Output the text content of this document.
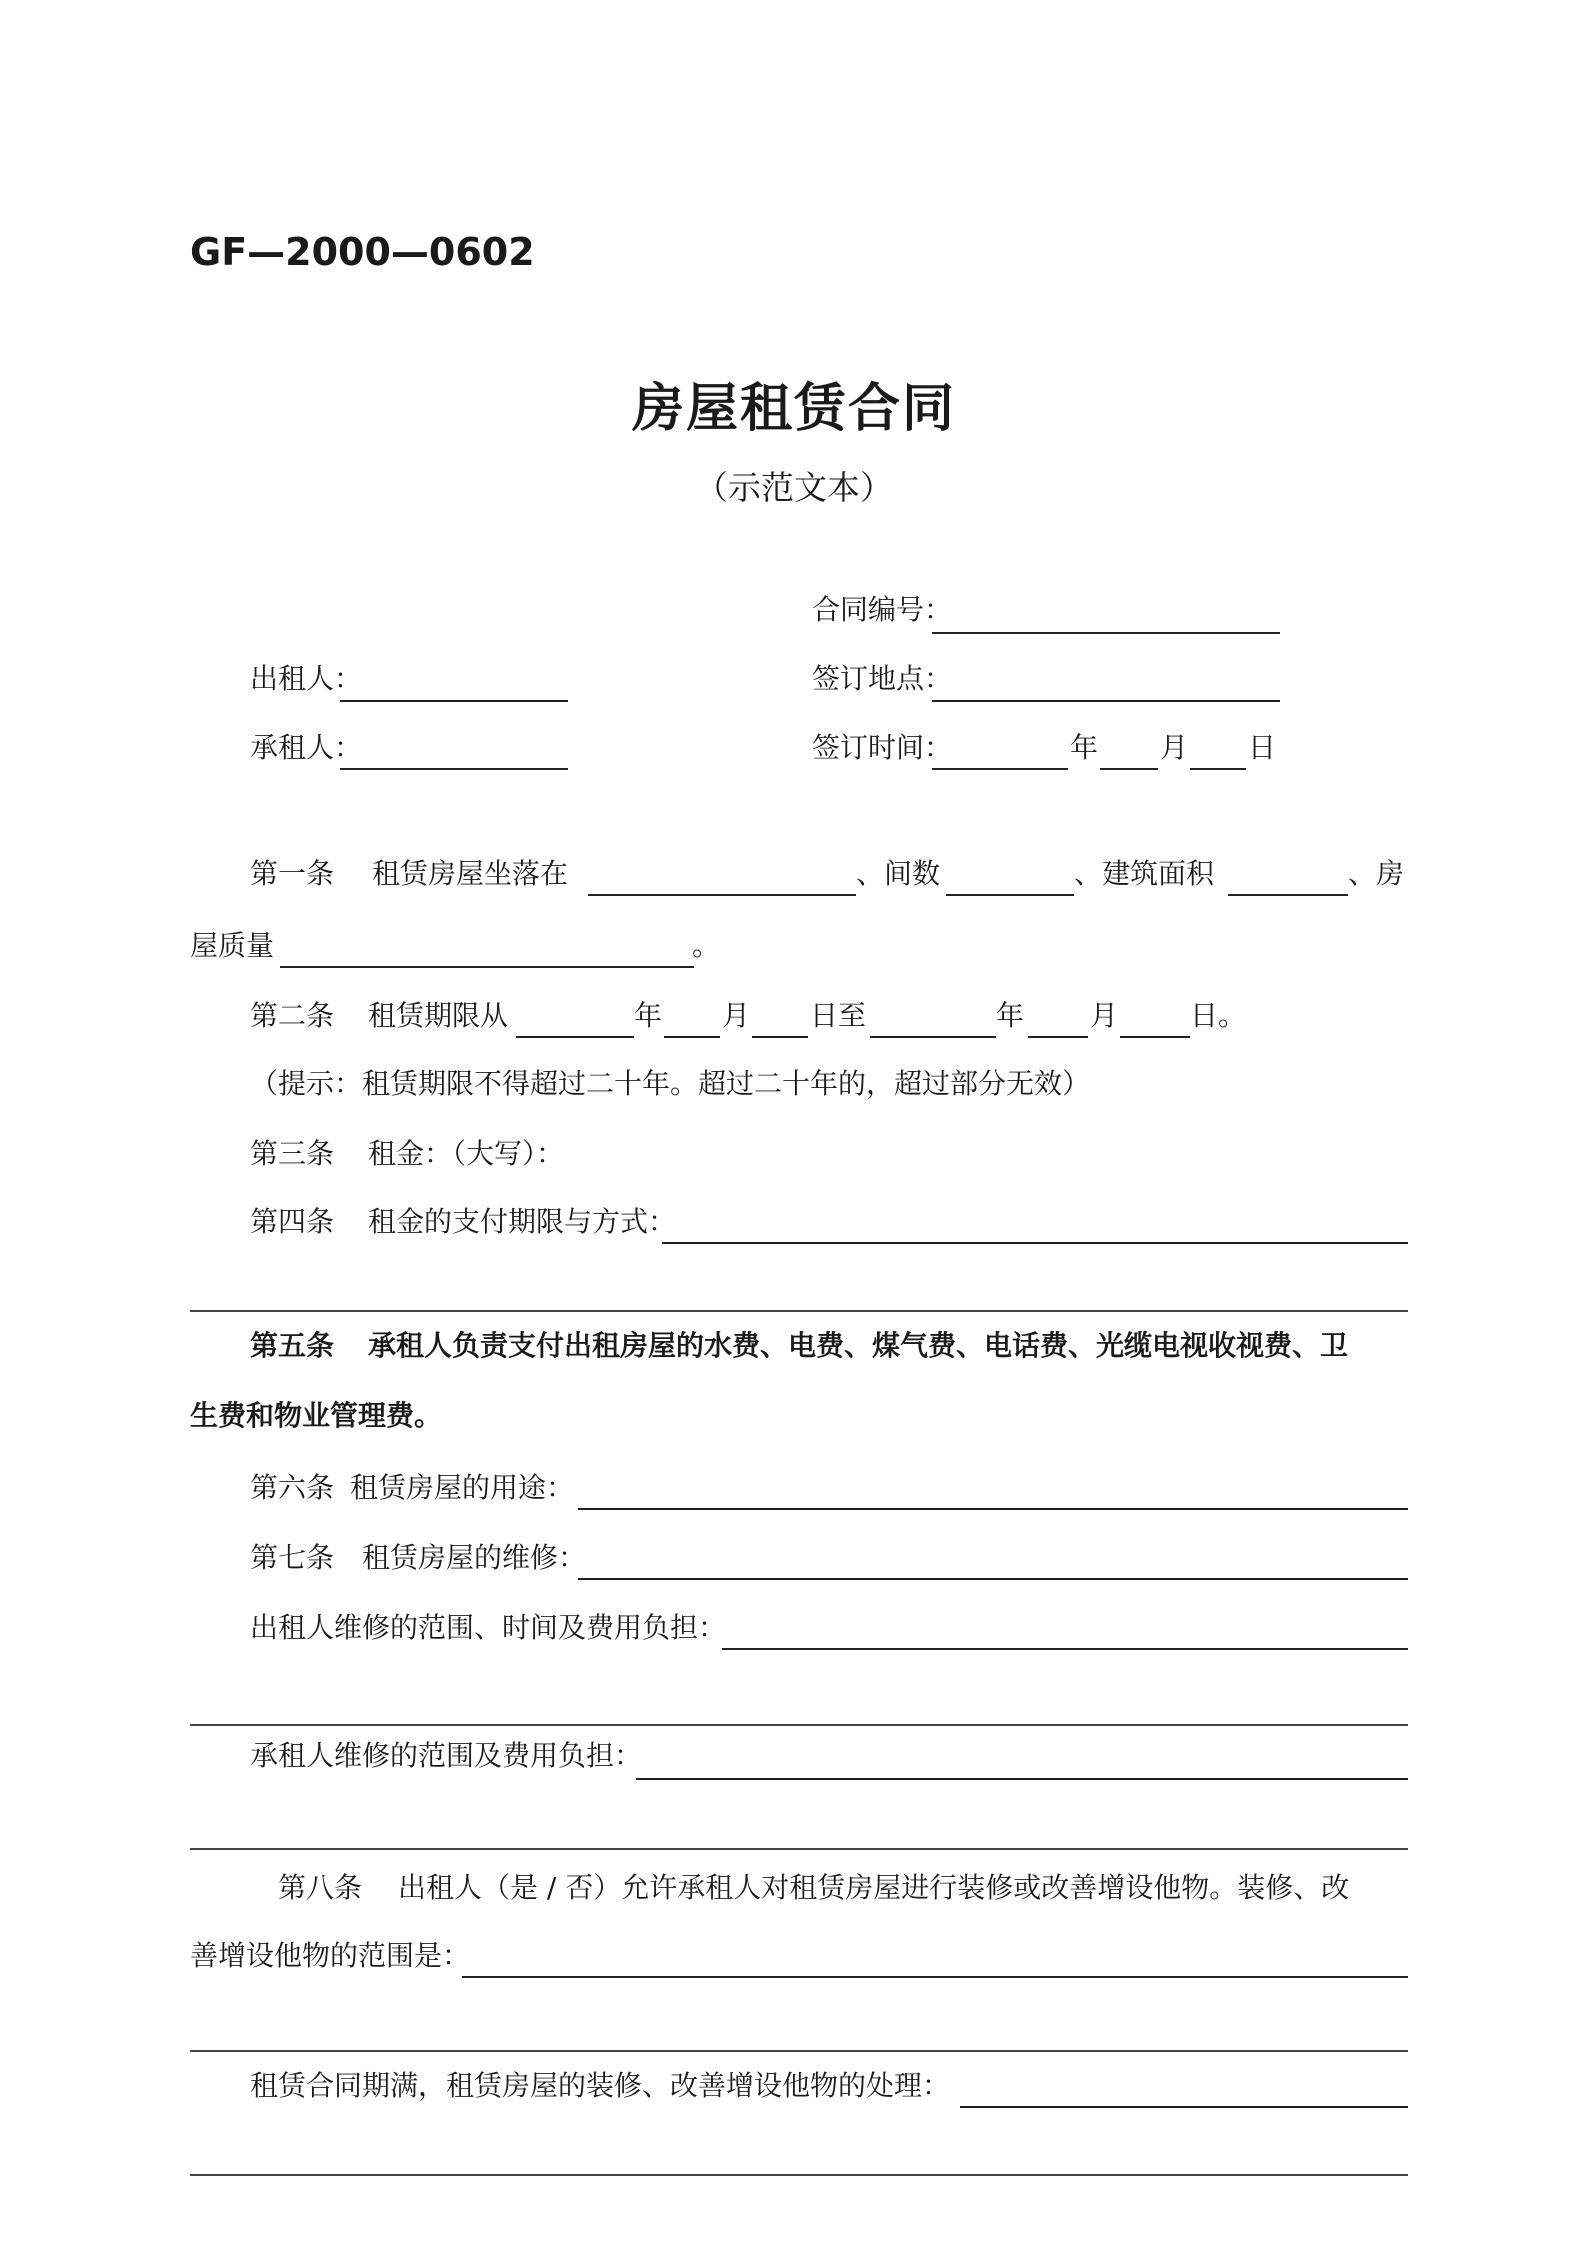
GF—2000—0602
房屋租赁合同
（示范文本）
合同编号：
出租人：	签订地点：
承租人：	签订时间：	年 月 日
第一条 租赁房屋坐落在	、间数	、建筑面积	、房
屋质量	。
第二条 租赁期限从	年 月 日至	年 月	日。
（提示：租赁期限不得超过二十年。超过二十年的，超过部分无效）
第三条 租金：（大写）：
第四条 租金的支付期限与方式：
第五条 承租人负责支付出租房屋的水费、电费、煤气费、电话费、光缆电视收视费、卫
生费和物业管理费。
第六条 租赁房屋的用途：
第七条 租赁房屋的维修：
出租人维修的范围、时间及费用负担：
承租人维修的范围及费用负担：
第八条 出租人（是 / 否）允许承租人对租赁房屋进行装修或改善增设他物。装修、改
善增设他物的范围是：
租赁合同期满，租赁房屋的装修、改善增设他物的处理：
